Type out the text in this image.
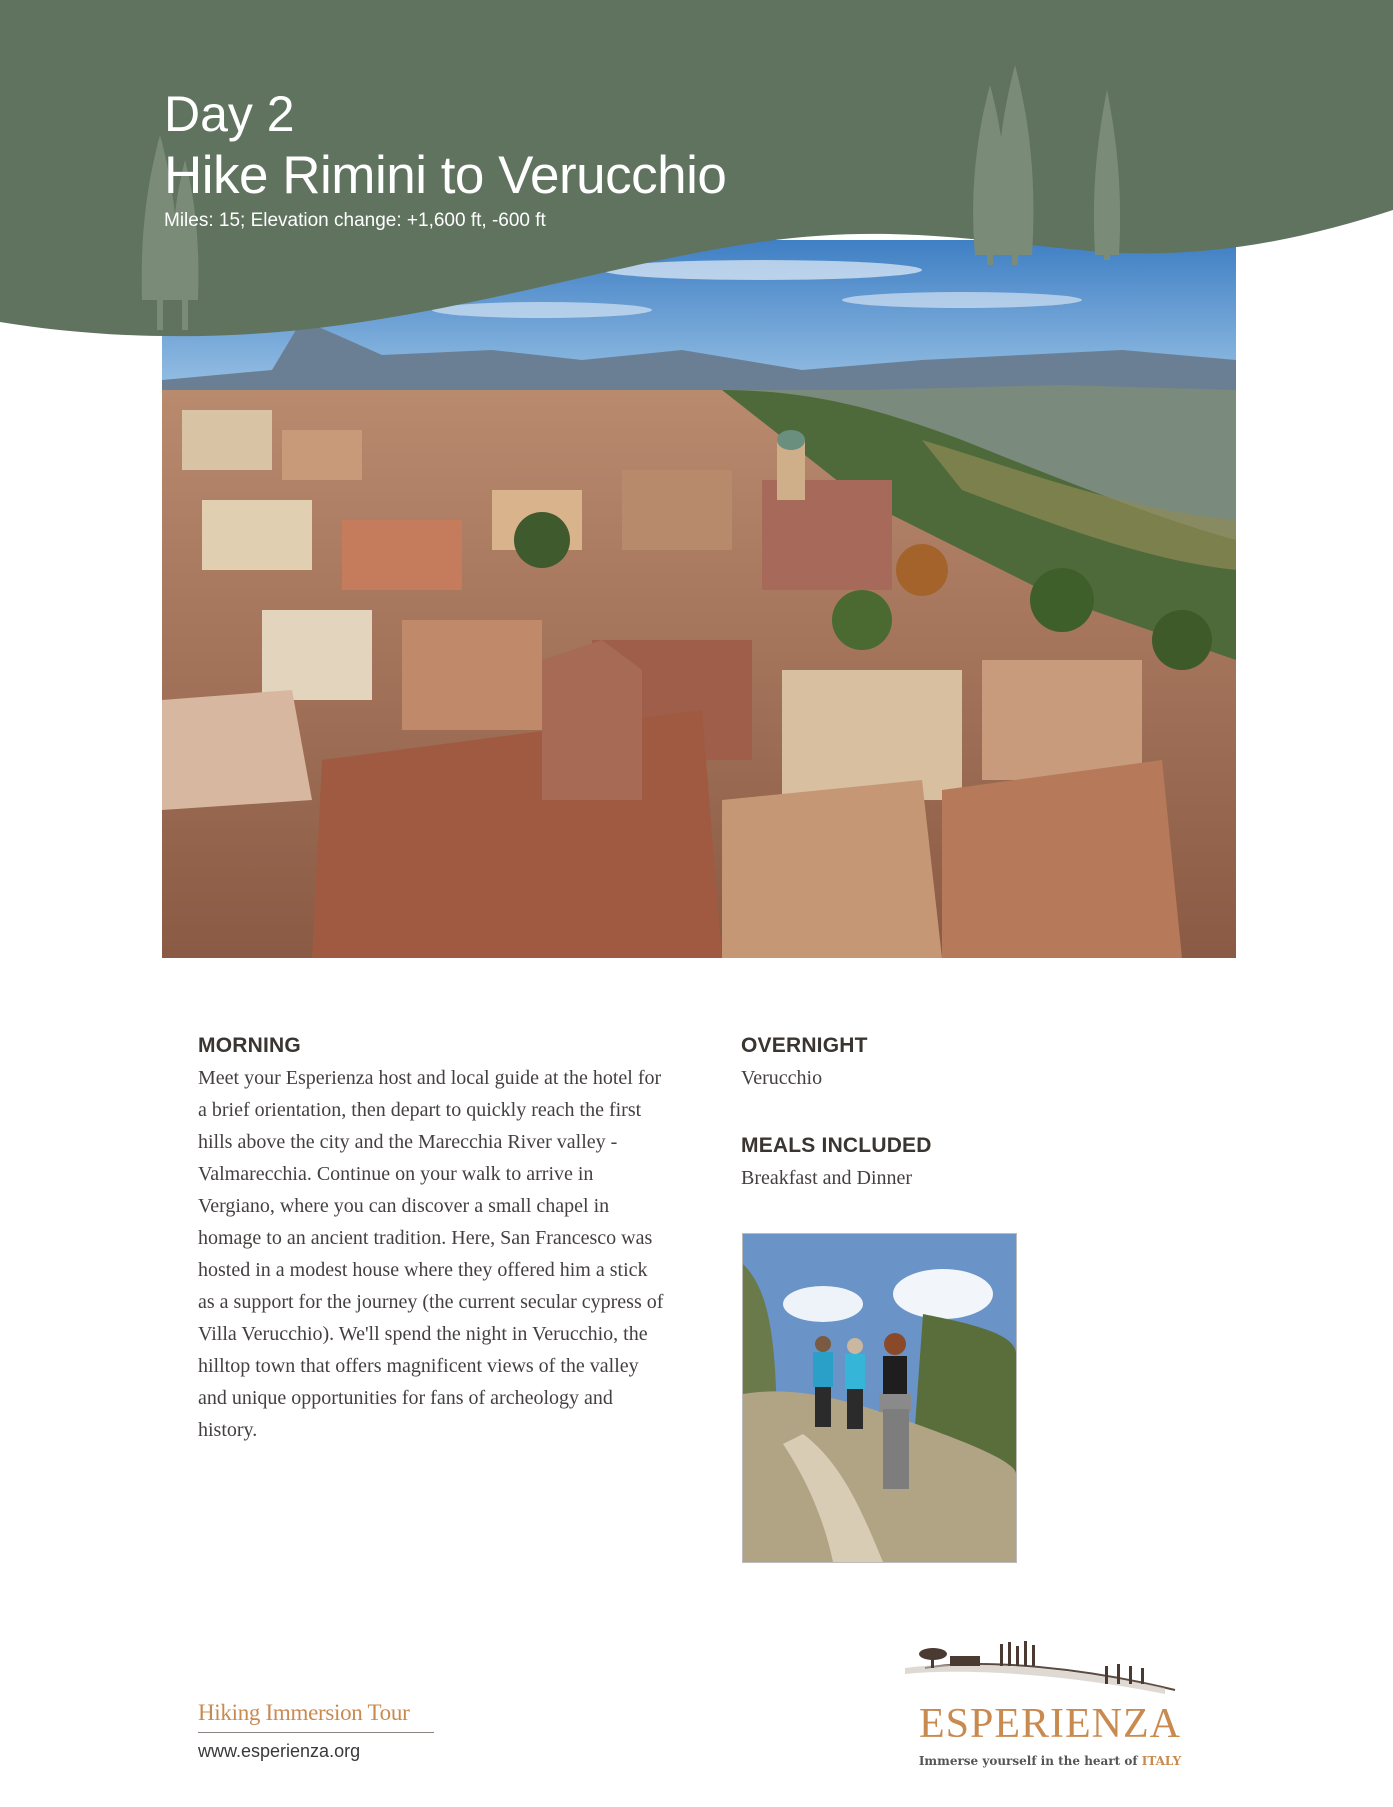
Day 2

Hike Rimini to Verucchio

Miles: 15; Elevation change: +1,600 ft, -600 ft

MORNING

Meet your Esperienza host and local guide at the hotel for a brief orientation, then depart to quickly reach the first hills above the city and the Marecchia River valley - Valmarecchia. Continue on your walk to arrive in Vergiano, where you can discover a small chapel in homage to an ancient tradition. Here, San Francesco was hosted in a modest house where they offered him a stick as a support for the journey (the current secular cypress of Villa Verucchio). We'll spend the night in Verucchio, the hilltop town that offers magnificent views of the valley and unique opportunities for fans of archeology and history.

OVERNIGHT

Verucchio

MEALS INCLUDED

Breakfast and Dinner

Hiking Immersion Tour

www.esperienza.org

ESPERIENZA

Immerse yourself in the heart of ITALY
